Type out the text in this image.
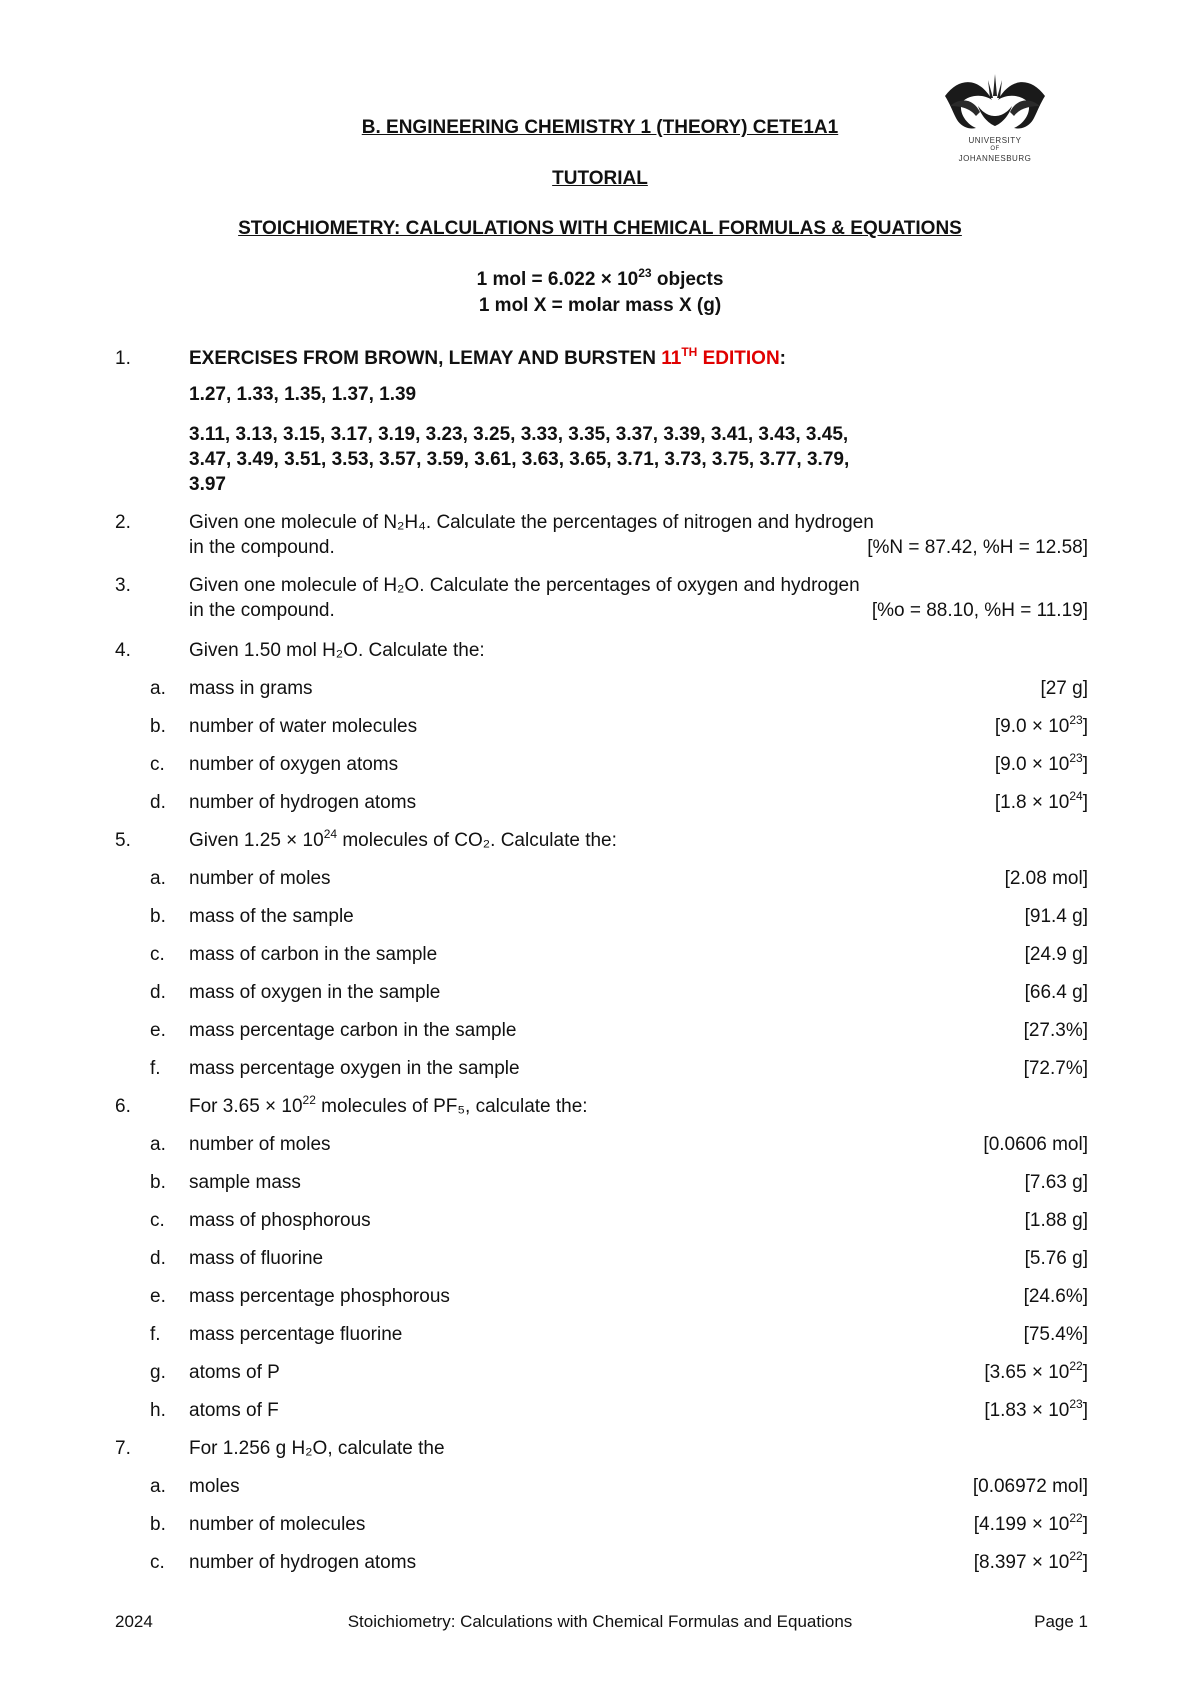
UNIVERSITY
OF
JOHANNESBURG
B. ENGINEERING CHEMISTRY 1 (THEORY) CETE1A1
TUTORIAL
STOICHIOMETRY: CALCULATIONS WITH CHEMICAL FORMULAS & EQUATIONS
1 mol = $6.022 \times 10^{23}$ objects
1 mol X = molar mass X (g)
1.	EXERCISES FROM BROWN, LEMAY AND BURSTEN 11TH EDITION:
1.27, 1.33, 1.35, 1.37, 1.39
3.11, 3.13, 3.15, 3.17, 3.19, 3.23, 3.25, 3.33, 3.35, 3.37, 3.39, 3.41, 3.43, 3.45,
3.47, 3.49, 3.51, 3.53, 3.57, 3.59, 3.61, 3.63, 3.65, 3.71, 3.73, 3.75, 3.77, 3.79,
3.97
2.	Given one molecule of N₂H₄. Calculate the percentages of nitrogen and hydrogen
in the compound.	[%N = 87.42, %H = 12.58]
3.	Given one molecule of H₂O. Calculate the percentages of oxygen and hydrogen
in the compound.	[%o = 88.10, %H = 11.19]
4.	Given 1.50 mol H₂O. Calculate the:
a. mass in grams	[27 g]
b. number of water molecules	$[9.0 \times 10^{23}]$
c. number of oxygen atoms	$[9.0 \times 10^{23}]$
d. number of hydrogen atoms	$[1.8 \times 10^{24}]$
5.	Given $1.25 \times 10^{24}$ molecules of CO₂. Calculate the:
a. number of moles	[2.08 mol]
b. mass of the sample	[91.4 g]
c. mass of carbon in the sample	[24.9 g]
d. mass of oxygen in the sample	[66.4 g]
e. mass percentage carbon in the sample	[27.3%]
f. mass percentage oxygen in the sample	[72.7%]
6.	For $3.65 \times 10^{22}$ molecules of PF₅, calculate the:
a. number of moles	[0.0606 mol]
b. sample mass	[7.63 g]
c. mass of phosphorous	[1.88 g]
d. mass of fluorine	[5.76 g]
e. mass percentage phosphorous	[24.6%]
f. mass percentage fluorine	[75.4%]
g. atoms of P	$[3.65 \times 10^{22}]$
h. atoms of F	$[1.83 \times 10^{23}]$
7.	For 1.256 g H₂O, calculate the
a. moles	[0.06972 mol]
b. number of molecules	$[4.199 \times 10^{22}]$
c. number of hydrogen atoms	$[8.397 \times 10^{22}]$
2024	Stoichiometry: Calculations with Chemical Formulas and Equations	Page 1
